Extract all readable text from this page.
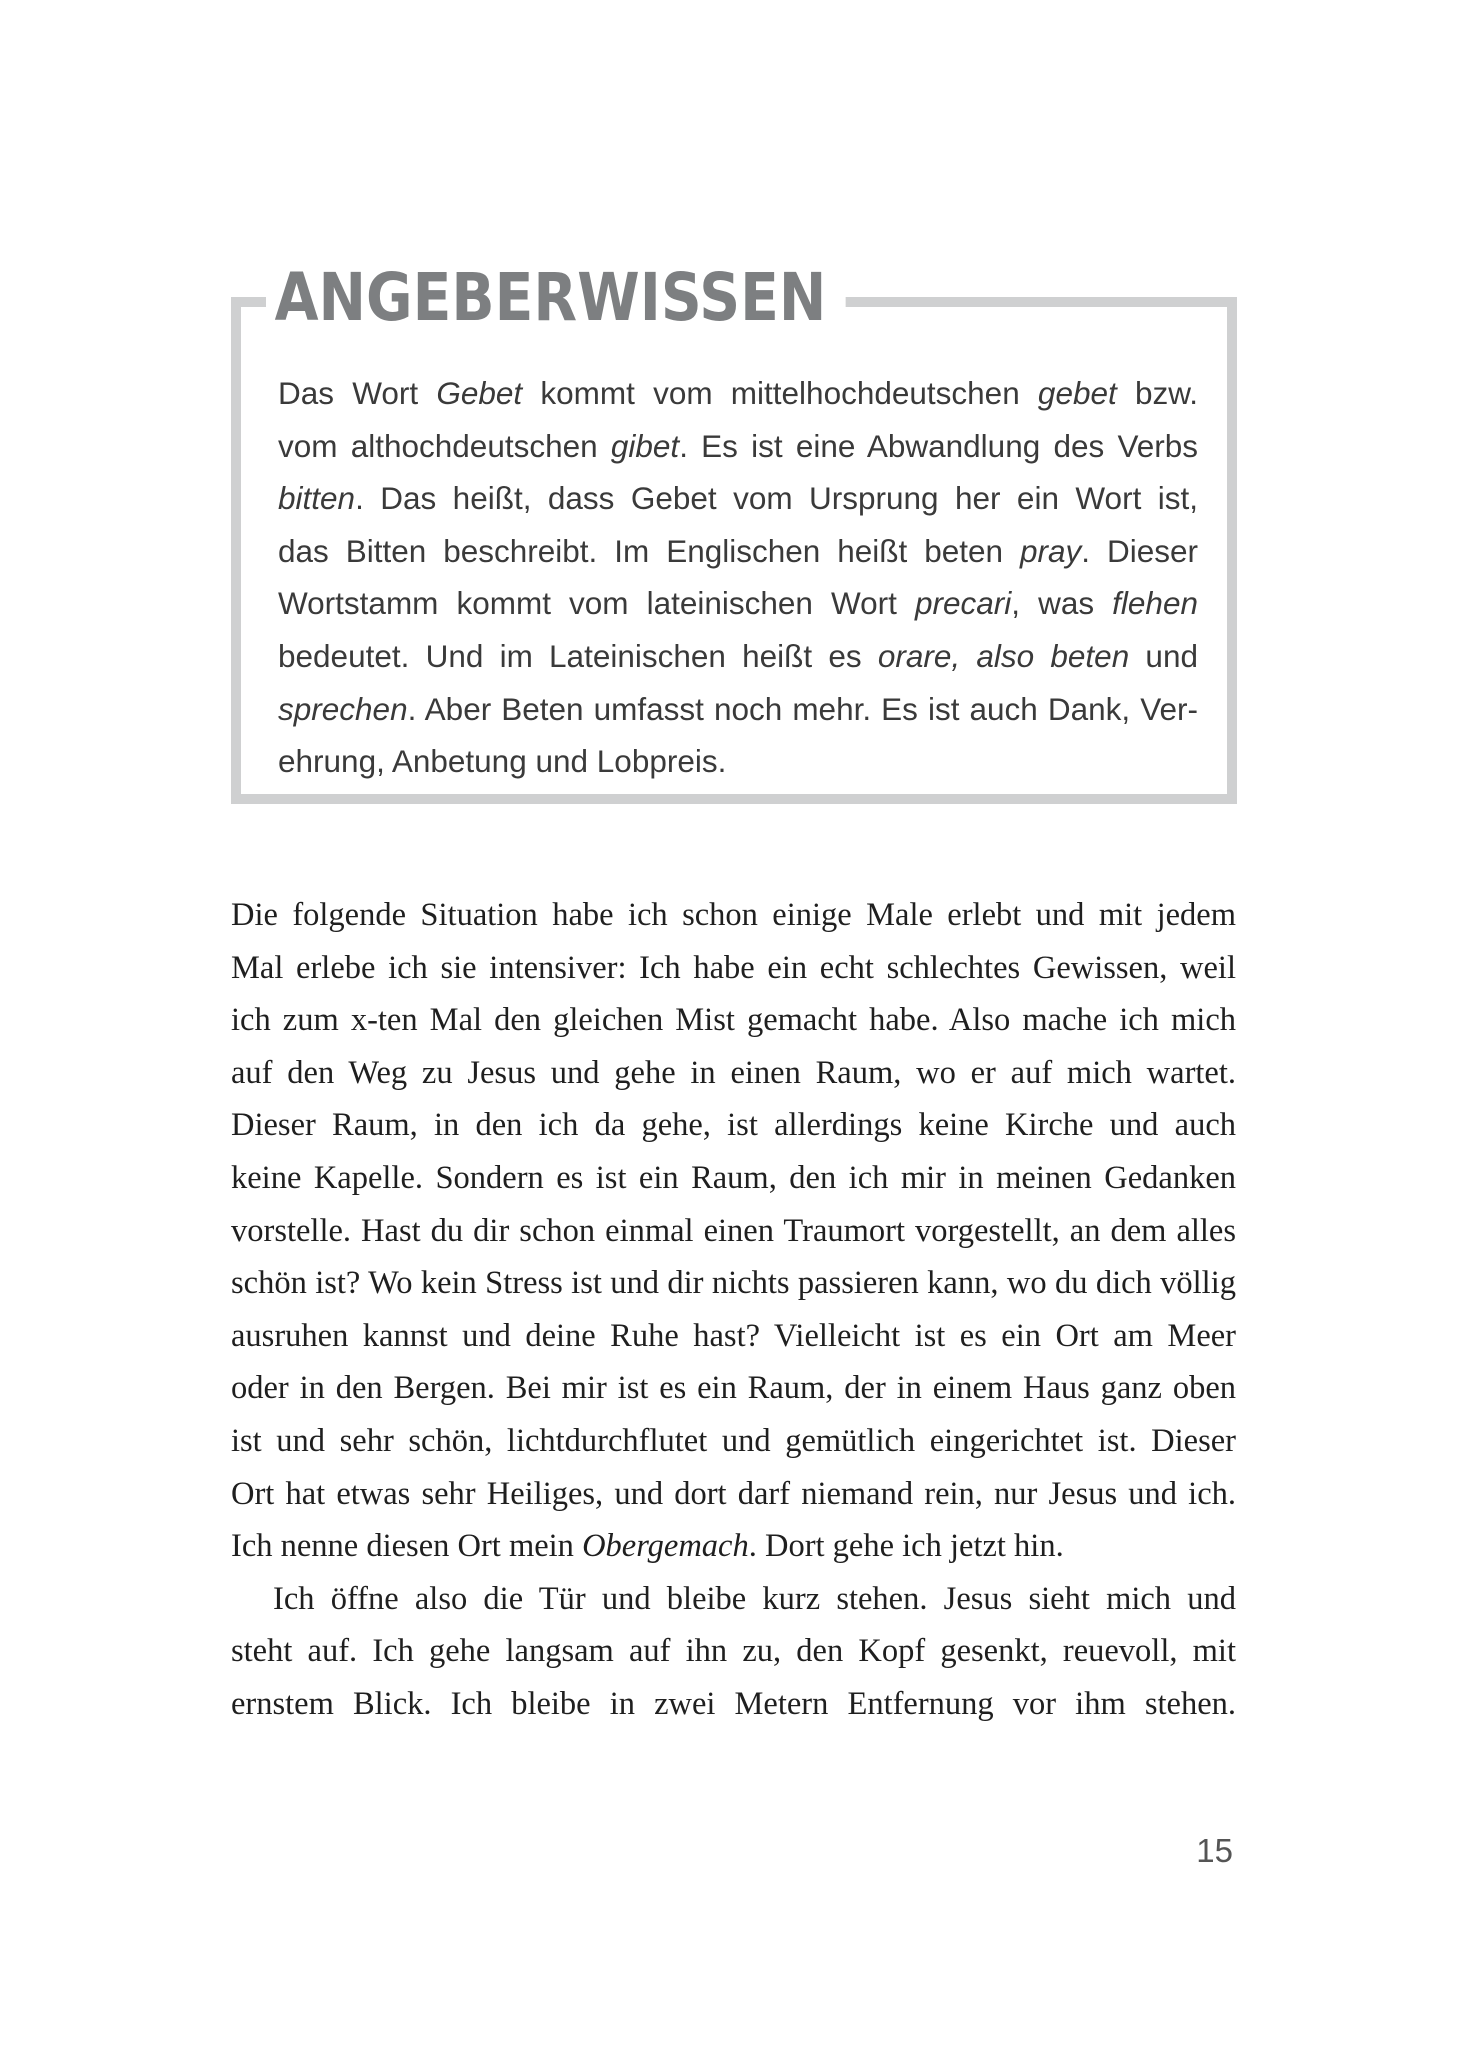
ANGEBERWISSEN
Das Wort Gebet kommt vom mittelhochdeutschen gebet bzw.
vom althochdeutschen gibet. Es ist eine Abwandlung des Verbs
bitten. Das heißt, dass Gebet vom Ursprung her ein Wort ist,
das Bitten beschreibt. Im Englischen heißt beten pray. Dieser
Wortstamm kommt vom lateinischen Wort precari, was flehen
bedeutet. Und im Lateinischen heißt es orare, also beten und
sprechen. Aber Beten umfasst noch mehr. Es ist auch Dank, Ver-
ehrung, Anbetung und Lobpreis.
Die folgende Situation habe ich schon einige Male erlebt und mit jedem
Mal erlebe ich sie intensiver: Ich habe ein echt schlechtes Gewissen, weil
ich zum x-ten Mal den gleichen Mist gemacht habe. Also mache ich mich
auf den Weg zu Jesus und gehe in einen Raum, wo er auf mich wartet.
Dieser Raum, in den ich da gehe, ist allerdings keine Kirche und auch
keine Kapelle. Sondern es ist ein Raum, den ich mir in meinen Gedanken
vorstelle. Hast du dir schon einmal einen Traumort vorgestellt, an dem alles
schön ist? Wo kein Stress ist und dir nichts passieren kann, wo du dich völlig
ausruhen kannst und deine Ruhe hast? Vielleicht ist es ein Ort am Meer
oder in den Bergen. Bei mir ist es ein Raum, der in einem Haus ganz oben
ist und sehr schön, lichtdurchflutet und gemütlich eingerichtet ist. Dieser
Ort hat etwas sehr Heiliges, und dort darf niemand rein, nur Jesus und ich.
Ich nenne diesen Ort mein Obergemach. Dort gehe ich jetzt hin.
Ich öffne also die Tür und bleibe kurz stehen. Jesus sieht mich und
steht auf. Ich gehe langsam auf ihn zu, den Kopf gesenkt, reuevoll, mit
ernstem Blick. Ich bleibe in zwei Metern Entfernung vor ihm stehen.
15
